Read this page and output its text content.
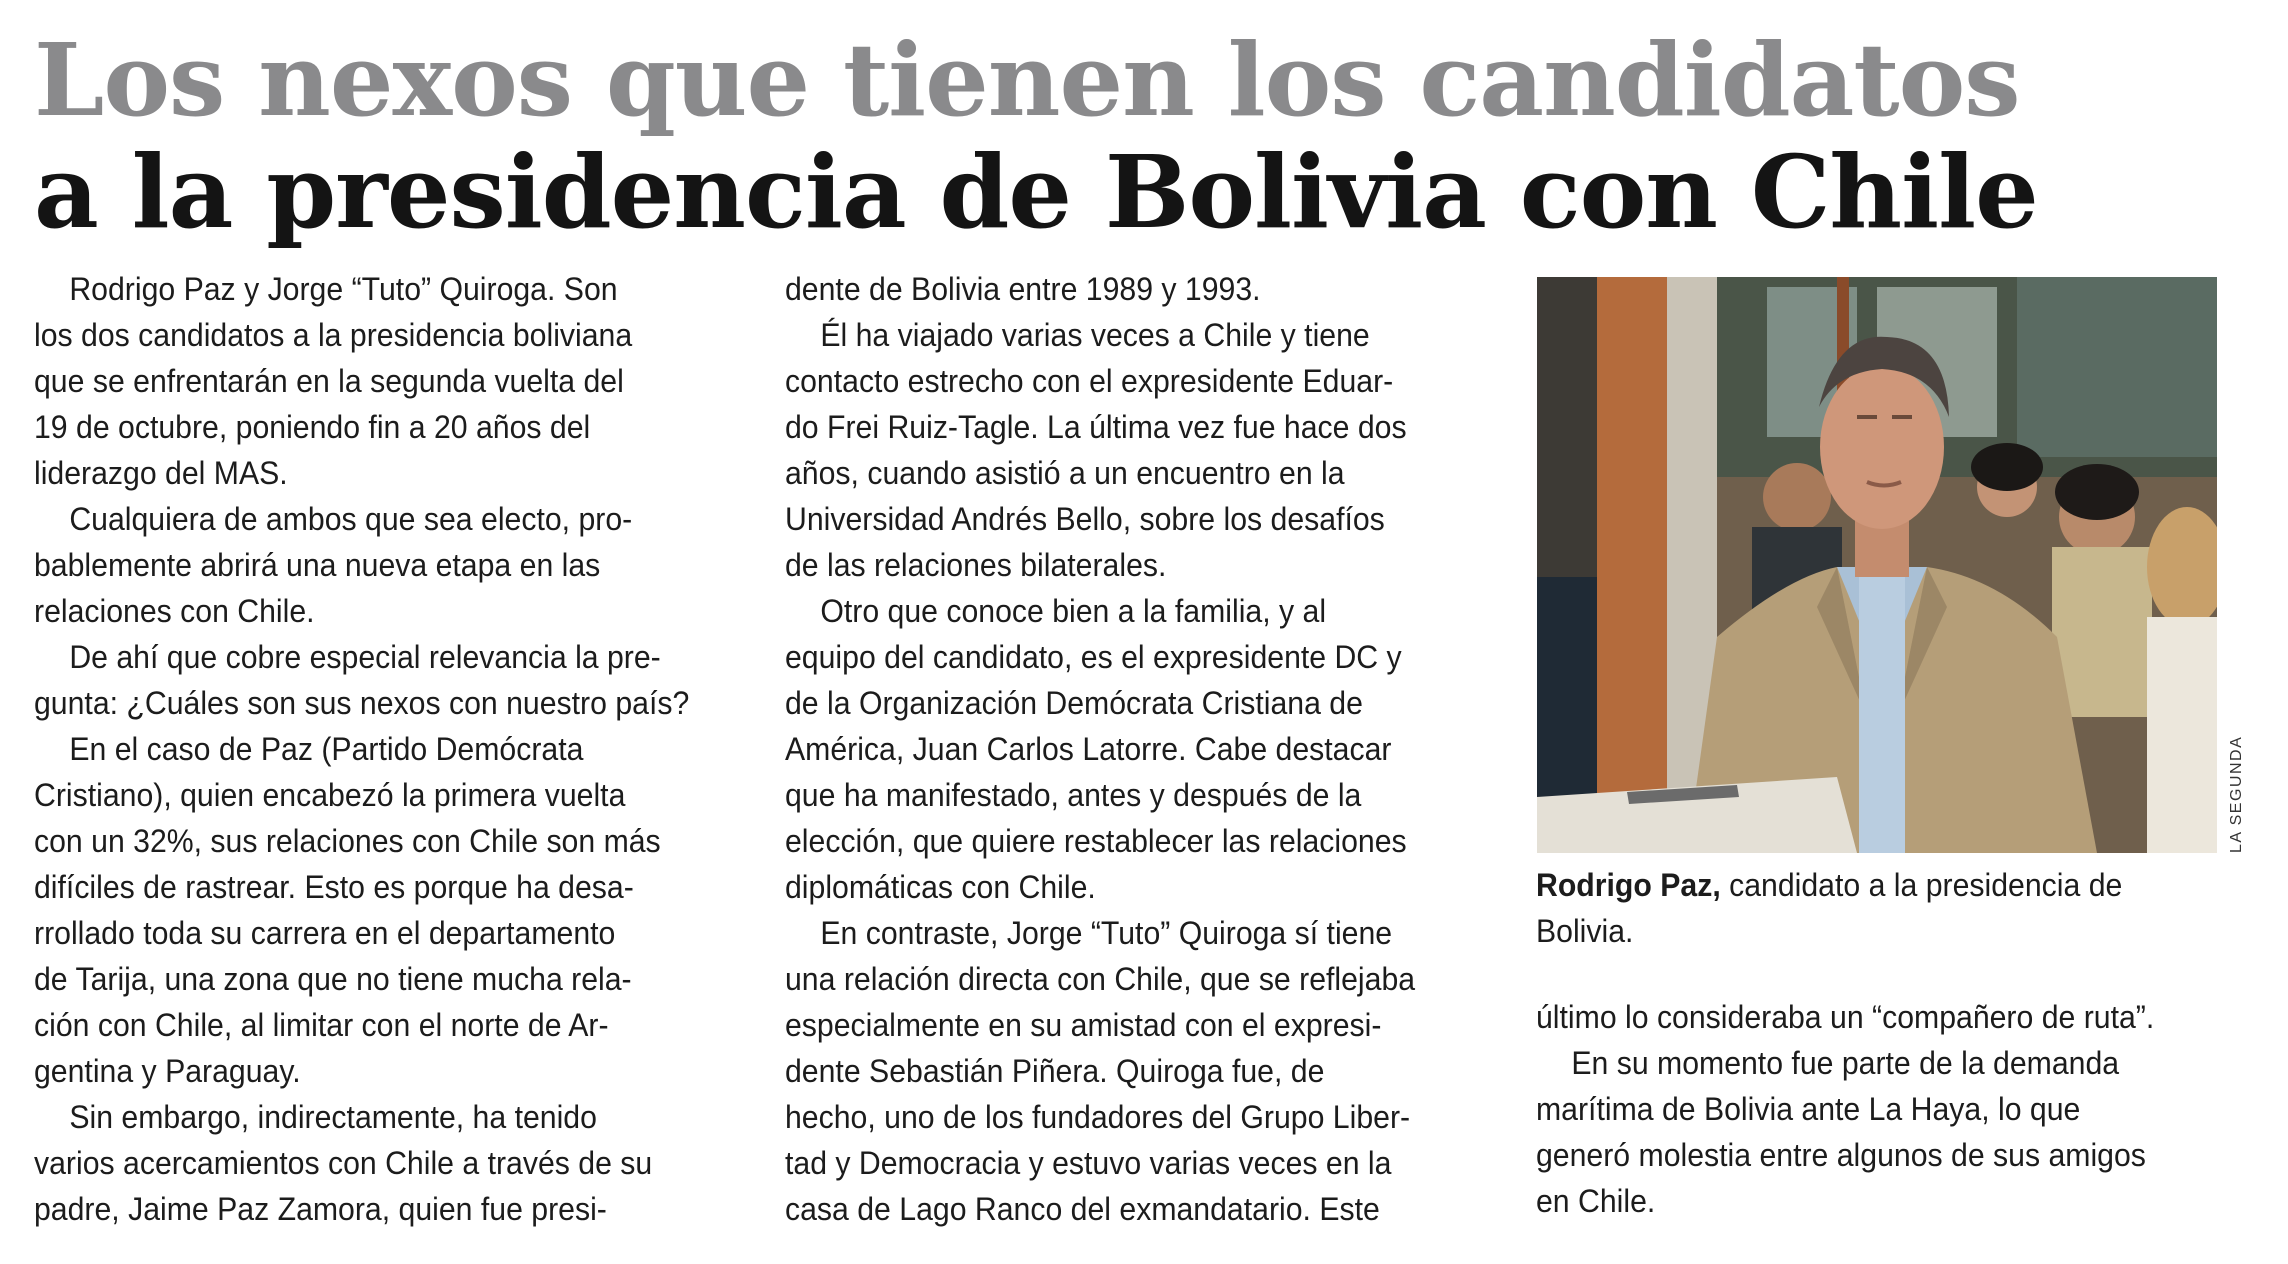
Los nexos que tienen los candidatos
a la presidencia de Bolivia con Chile

Rodrigo Paz y Jorge “Tuto” Quiroga. Son
los dos candidatos a la presidencia boliviana
que se enfrentarán en la segunda vuelta del
19 de octubre, poniendo fin a 20 años del
liderazgo del MAS.

Cualquiera de ambos que sea electo, pro-
bablemente abrirá una nueva etapa en las
relaciones con Chile.

De ahí que cobre especial relevancia la pre-
gunta: ¿Cuáles son sus nexos con nuestro país?

En el caso de Paz (Partido Demócrata
Cristiano), quien encabezó la primera vuelta
con un 32%, sus relaciones con Chile son más
difíciles de rastrear. Esto es porque ha desa-
rrollado toda su carrera en el departamento
de Tarija, una zona que no tiene mucha rela-
ción con Chile, al limitar con el norte de Ar-
gentina y Paraguay.

Sin embargo, indirectamente, ha tenido
varios acercamientos con Chile a través de su
padre, Jaime Paz Zamora, quien fue presi-

dente de Bolivia entre 1989 y 1993.

Él ha viajado varias veces a Chile y tiene
contacto estrecho con el expresidente Eduar-
do Frei Ruiz-Tagle. La última vez fue hace dos
años, cuando asistió a un encuentro en la
Universidad Andrés Bello, sobre los desafíos
de las relaciones bilaterales.

Otro que conoce bien a la familia, y al
equipo del candidato, es el expresidente DC y
de la Organización Demócrata Cristiana de
América, Juan Carlos Latorre. Cabe destacar
que ha manifestado, antes y después de la
elección, que quiere restablecer las relaciones
diplomáticas con Chile.

En contraste, Jorge “Tuto” Quiroga sí tiene
una relación directa con Chile, que se reflejaba
especialmente en su amistad con el expresi-
dente Sebastián Piñera. Quiroga fue, de
hecho, uno de los fundadores del Grupo Liber-
tad y Democracia y estuvo varias veces en la
casa de Lago Ranco del exmandatario. Este

LA SEGUNDA
Rodrigo Paz, candidato a la presidencia de
Bolivia.

último lo consideraba un “compañero de ruta”.

En su momento fue parte de la demanda
marítima de Bolivia ante La Haya, lo que
generó molestia entre algunos de sus amigos
en Chile.
